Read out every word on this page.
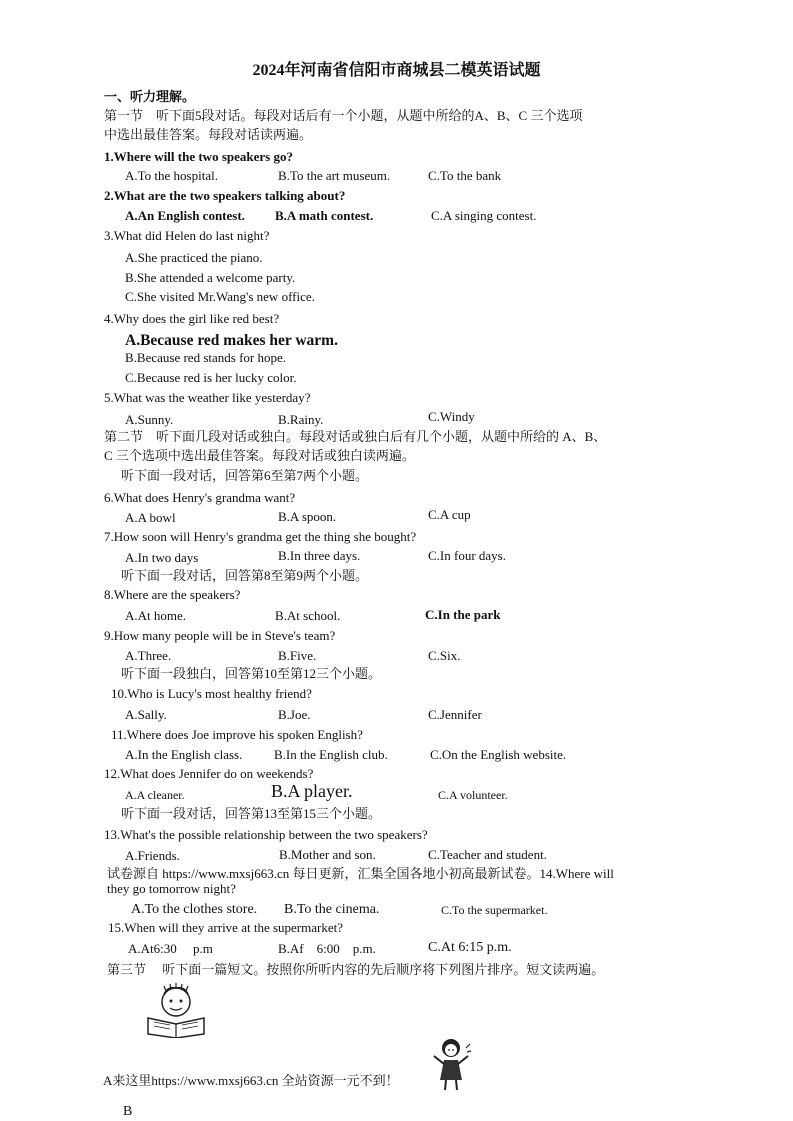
2024年河南省信阳市商城县二模英语试题
一、听力理解。
第一节　听下面5段对话。每段对话后有一个小题，从题中所给的A、B、C 三个选项
中选出最佳答案。每段对话读两遍。
1.Where will the two speakers go?
A.To the hospital.	B.To the art museum.	C.To the bank
2.What are the two speakers talking about?
A.An English contest. B.A math contest.	C.A singing contest.
3.What did Helen do last night?
A.She practiced the piano.
B.She attended a welcome party.
C.She visited Mr.Wang's new office.
4.Why does the girl like red best?
A.Because red makes her warm.
B.Because red stands for hope.
C.Because red is her lucky color.
5.What was the weather like yesterday?
A.Sunny.	B.Rainy.	C.Windy
第二节　听下面几段对话或独白。每段对话或独白后有几个小题，从题中所给的 A、B、
C 三个选项中选出最佳答案。每段对话或独白读两遍。
听下面一段对话，回答第6至第7两个小题。
6.What does Henry's grandma want?
A.A bowl	B.A spoon.	C.A cup
7.How soon will Henry's grandma get the thing she bought?
A.In two days	B.In three days.	C.In four days.
听下面一段对话，回答第8至第9两个小题。
8.Where are the speakers?
A.At home.	B.At school.	C.In the park
9.How many people will be in Steve's team?
A.Three.	B.Five.	C.Six.
听下面一段独白，回答第10至第12三个小题。
10.Who is Lucy's most healthy friend?
A.Sally.	B.Joe.	C.Jennifer
11.Where does Joe improve his spoken English?
A.In the English class. B.In the English club.	C.On the English website.
12.What does Jennifer do on weekends?
A.A cleaner.	B.A player.	C.A volunteer.
听下面一段对话，回答第13至第15三个小题。
13.What's the possible relationship between the two speakers?
A.Friends.	B.Mother and son.	C.Teacher and student.
试卷源自 https://www.mxsj663.cn 每日更新，汇集全国各地小初高最新试卷。14.Where will
they go tomorrow night?
A.To the clothes store. B.To the cinema.	C.To the supermarket.
15.When will they arrive at the supermarket?
A.At6:30　 p.m	B.Af　6:00　p.m.	C.At 6:15 p.m.
第三节　 听下面一篇短文。按照你所听内容的先后顺序将下列图片排序。短文读两遍。
A来这里https://www.mxsj663.cn 全站资源一元不到！
B
